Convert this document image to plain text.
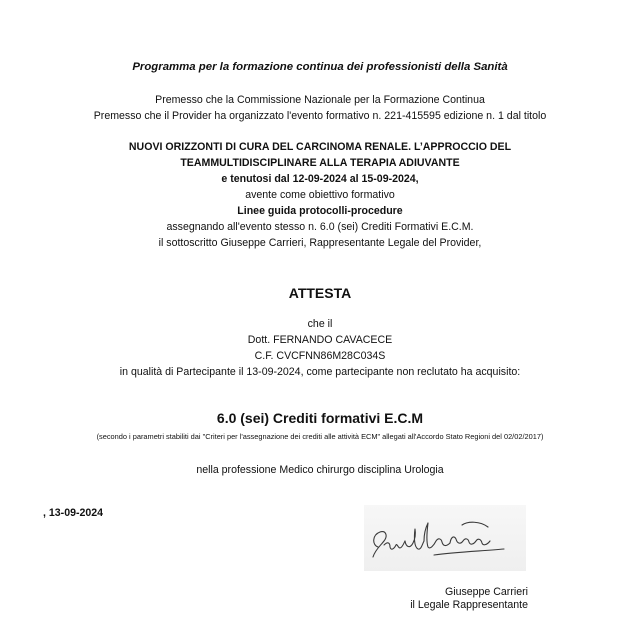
Programma per la formazione continua dei professionisti della Sanità
Premesso che la Commissione Nazionale per la Formazione Continua
Premesso che il Provider ha organizzato l'evento formativo n. 221-415595 edizione n. 1 dal titolo
NUOVI ORIZZONTI DI CURA DEL CARCINOMA RENALE. L’APPROCCIO DEL
TEAMMULTIDISCIPLINARE ALLA TERAPIA ADIUVANTE
e tenutosi dal 12-09-2024 al 15-09-2024,
avente come obiettivo formativo
Linee guida protocolli-procedure
assegnando all'evento stesso n. 6.0 (sei) Crediti Formativi E.C.M.
il sottoscritto Giuseppe Carrieri, Rappresentante Legale del Provider,
ATTESTA
che il
Dott. FERNANDO CAVACECE
C.F. CVCFNN86M28C034S
in qualità di Partecipante il 13-09-2024, come partecipante non reclutato ha acquisito:
6.0 (sei) Crediti formativi E.C.M
(secondo i parametri stabiliti dai "Criteri per l'assegnazione dei crediti alle attività ECM" allegati all'Accordo Stato Regioni del 02/02/2017)
nella professione Medico chirurgo disciplina Urologia
, 13-09-2024
Giuseppe Carrieri
il Legale Rappresentante
